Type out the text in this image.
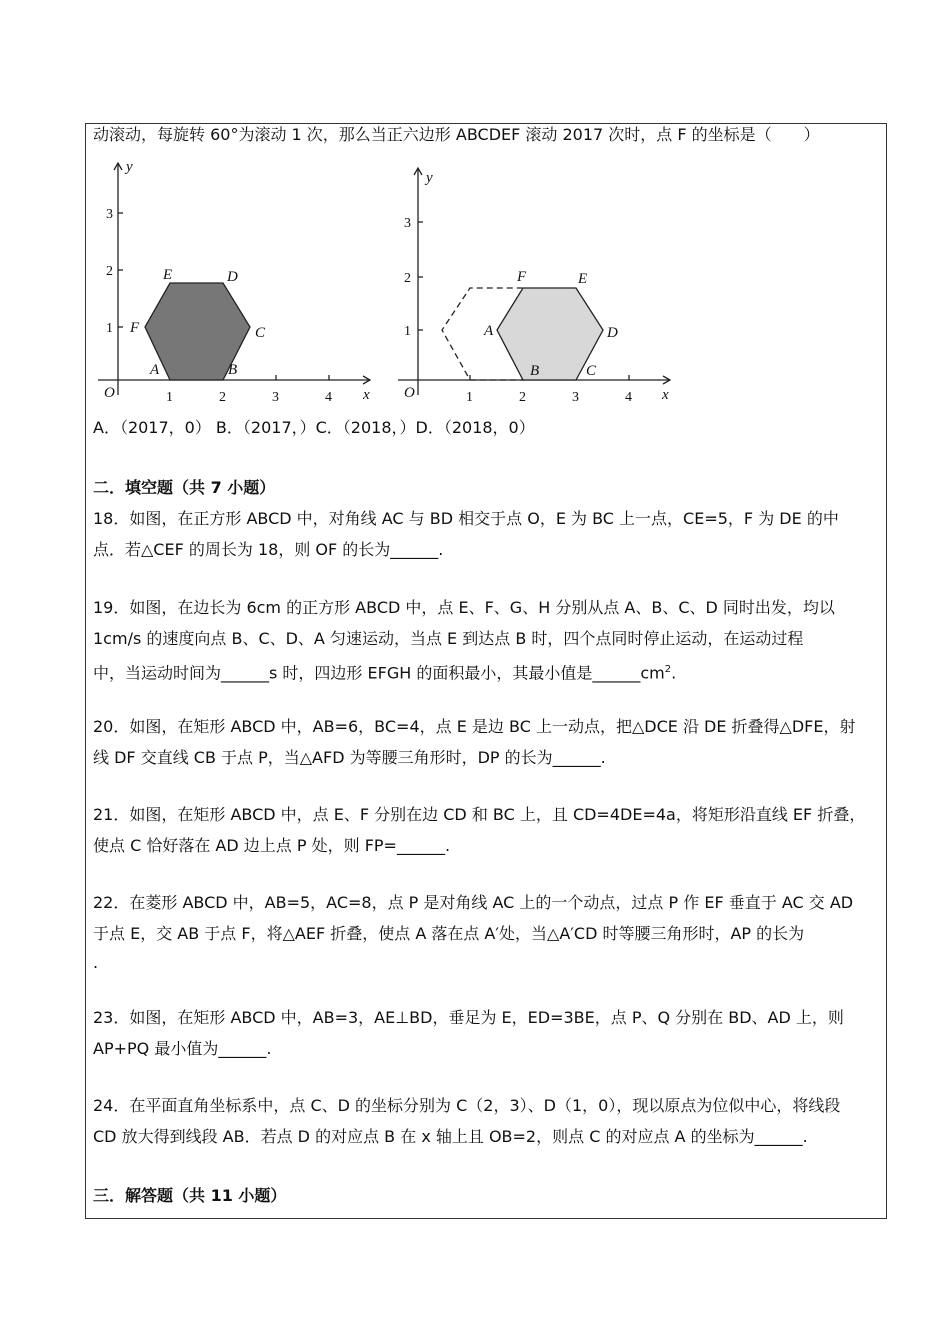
动滚动，每旋转 60°为滚动 1 次，那么当正六边形 ABCDEF 滚动 2017 次时，点 F 的坐标是（　　）
y
x
O
A	B
C
D
E
F
1	2	3	4
1
2
3
y
x
O
A
B	C
D
E
F
1	2	3	4
1
2
3
A．（2017，0） B．（2017，）C．（2018，）D．（2018，0）
二．填空题（共 7 小题）
18．如图，在正方形 ABCD 中，对角线 AC 与 BD 相交于点 O，E 为 BC 上一点，CE=5，F 为 DE 的中
点．若△CEF 的周长为 18，则 OF 的长为______.
19．如图，在边长为 6cm 的正方形 ABCD 中，点 E、F、G、H 分别从点 A、B、C、D 同时出发，均以
1cm/s 的速度向点 B、C、D、A 匀速运动，当点 E 到达点 B 时，四个点同时停止运动，在运动过程
中，当运动时间为______s 时，四边形 EFGH 的面积最小，其最小值是$\_\_\_\_\_\_cm^2$.
20．如图，在矩形 ABCD 中，AB=6，BC=4，点 E 是边 BC 上一动点，把△DCE 沿 DE 折叠得△DFE，射
线 DF 交直线 CB 于点 P，当△AFD 为等腰三角形时，DP 的长为______.
21．如图，在矩形 ABCD 中，点 E、F 分别在边 CD 和 BC 上，且 CD=4DE=4a，将矩形沿直线 EF 折叠，
使点 C 恰好落在 AD 边上点 P 处，则 FP=______.
22．在菱形 ABCD 中，AB=5，AC=8，点 P 是对角线 AC 上的一个动点，过点 P 作 EF 垂直于 AC 交 AD
于点 E，交 AB 于点 F，将△AEF 折叠，使点 A 落在点 A′处，当△A′CD 时等腰三角形时，AP 的长为
.
23．如图，在矩形 ABCD 中，AB=3，AE⊥BD，垂足为 E，ED=3BE，点 P、Q 分别在 BD、AD 上，则
AP+PQ 最小值为______.
24．在平面直角坐标系中，点 C、D 的坐标分别为 C（2，3）、D（1，0），现以原点为位似中心，将线段
CD 放大得到线段 AB．若点 D 的对应点 B 在 x 轴上且 OB=2，则点 C 的对应点 A 的坐标为______.
三．解答题（共 11 小题）
